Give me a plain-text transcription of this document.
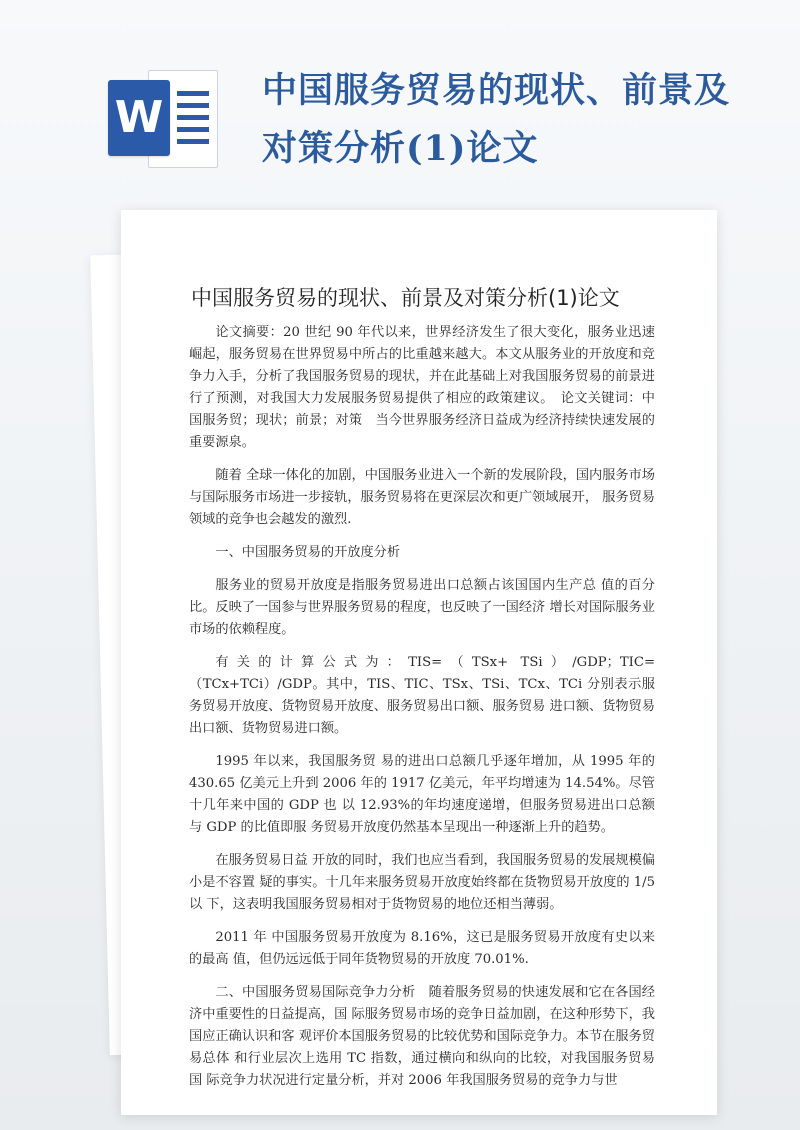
W
中国服务贸易的现状、前景及
对策分析(1)论文
中国服务贸易的现状、前景及对策分析(1)论文

论文摘要：20 世纪 90 年代以来，世界经济发生了很大变化，服务业迅速崛起，服务贸易在世界贸易中所占的比重越来越大。本文从服务业的开放度和竞争力入手，分析了我国服务贸易的现状，并在此基础上对我国服务贸易的前景进行了预测，对我国大力发展服务贸易提供了相应的政策建议。　论文关键词：中国服务贸；现状；前景；对策　当今世界服务经济日益成为经济持续快速发展的重要源泉。

随着 全球一体化的加剧，中国服务业进入一个新的发展阶段，国内服务市场 与国际服务市场进一步接轨，服务贸易将在更深层次和更广领域展开， 服务贸易领域的竞争也会越发的激烈.

一、中国服务贸易的开放度分析

服务业的贸易开放度是指服务贸易进出口总额占该国国内生产总 值的百分比。反映了一国参与世界服务贸易的程度，也反映了一国经济 增长对国际服务业市场的依赖程度。

有关的计算公式为：TIS=（TSx+ TSi）/GDP；TIC=（TCx+TCi）/GDP。其中，TIS、TIC、TSx、TSi、TCx、TCi 分别表示服务贸易开放度、货物贸易开放度、服务贸易出口额、服务贸易 进口额、货物贸易出口额、货物贸易进口额。

1995 年以来，我国服务贸 易的进出口总额几乎逐年增加，从 1995 年的 430.65 亿美元上升到 2006 年的 1917 亿美元，年平均增速为 14.54%。尽管十几年来中国的 GDP 也 以 12.93%的年均速度递增，但服务贸易进出口总额与 GDP 的比值即服 务贸易开放度仍然基本呈现出一种逐渐上升的趋势。

在服务贸易日益 开放的同时，我们也应当看到，我国服务贸易的发展规模偏小是不容置 疑的事实。十几年来服务贸易开放度始终都在货物贸易开放度的 1/5 以 下，这表明我国服务贸易相对于货物贸易的地位还相当薄弱。

2011 年 中国服务贸易开放度为 8.16%，这已是服务贸易开放度有史以来的最高 值，但仍远远低于同年货物贸易的开放度 70.01%.

二、中国服务贸易国际竞争力分析　随着服务贸易的快速发展和它在各国经济中重要性的日益提高，国 际服务贸易市场的竞争日益加剧，在这种形势下，我国应正确认识和客 观评价本国服务贸易的比较优势和国际竞争力。本节在服务贸易总体 和行业层次上选用 TC 指数，通过横向和纵向的比较，对我国服务贸易国 际竞争力状况进行定量分析，并对 2006 年我国服务贸易的竞争力与世
